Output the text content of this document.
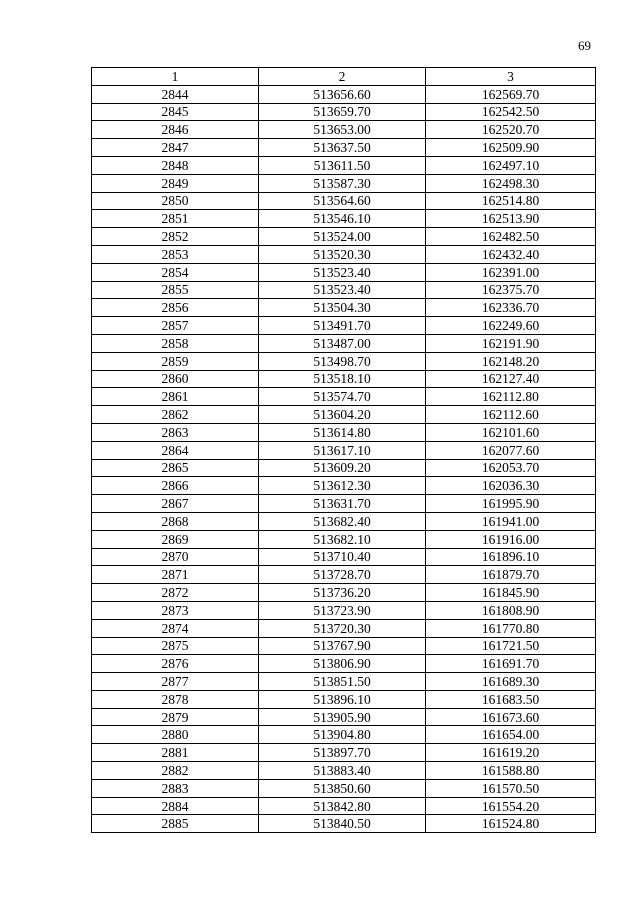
69
1	2	3
2844	513656.60	162569.70
2845	513659.70	162542.50
2846	513653.00	162520.70
2847	513637.50	162509.90
2848	513611.50	162497.10
2849	513587.30	162498.30
2850	513564.60	162514.80
2851	513546.10	162513.90
2852	513524.00	162482.50
2853	513520.30	162432.40
2854	513523.40	162391.00
2855	513523.40	162375.70
2856	513504.30	162336.70
2857	513491.70	162249.60
2858	513487.00	162191.90
2859	513498.70	162148.20
2860	513518.10	162127.40
2861	513574.70	162112.80
2862	513604.20	162112.60
2863	513614.80	162101.60
2864	513617.10	162077.60
2865	513609.20	162053.70
2866	513612.30	162036.30
2867	513631.70	161995.90
2868	513682.40	161941.00
2869	513682.10	161916.00
2870	513710.40	161896.10
2871	513728.70	161879.70
2872	513736.20	161845.90
2873	513723.90	161808.90
2874	513720.30	161770.80
2875	513767.90	161721.50
2876	513806.90	161691.70
2877	513851.50	161689.30
2878	513896.10	161683.50
2879	513905.90	161673.60
2880	513904.80	161654.00
2881	513897.70	161619.20
2882	513883.40	161588.80
2883	513850.60	161570.50
2884	513842.80	161554.20
2885	513840.50	161524.80
